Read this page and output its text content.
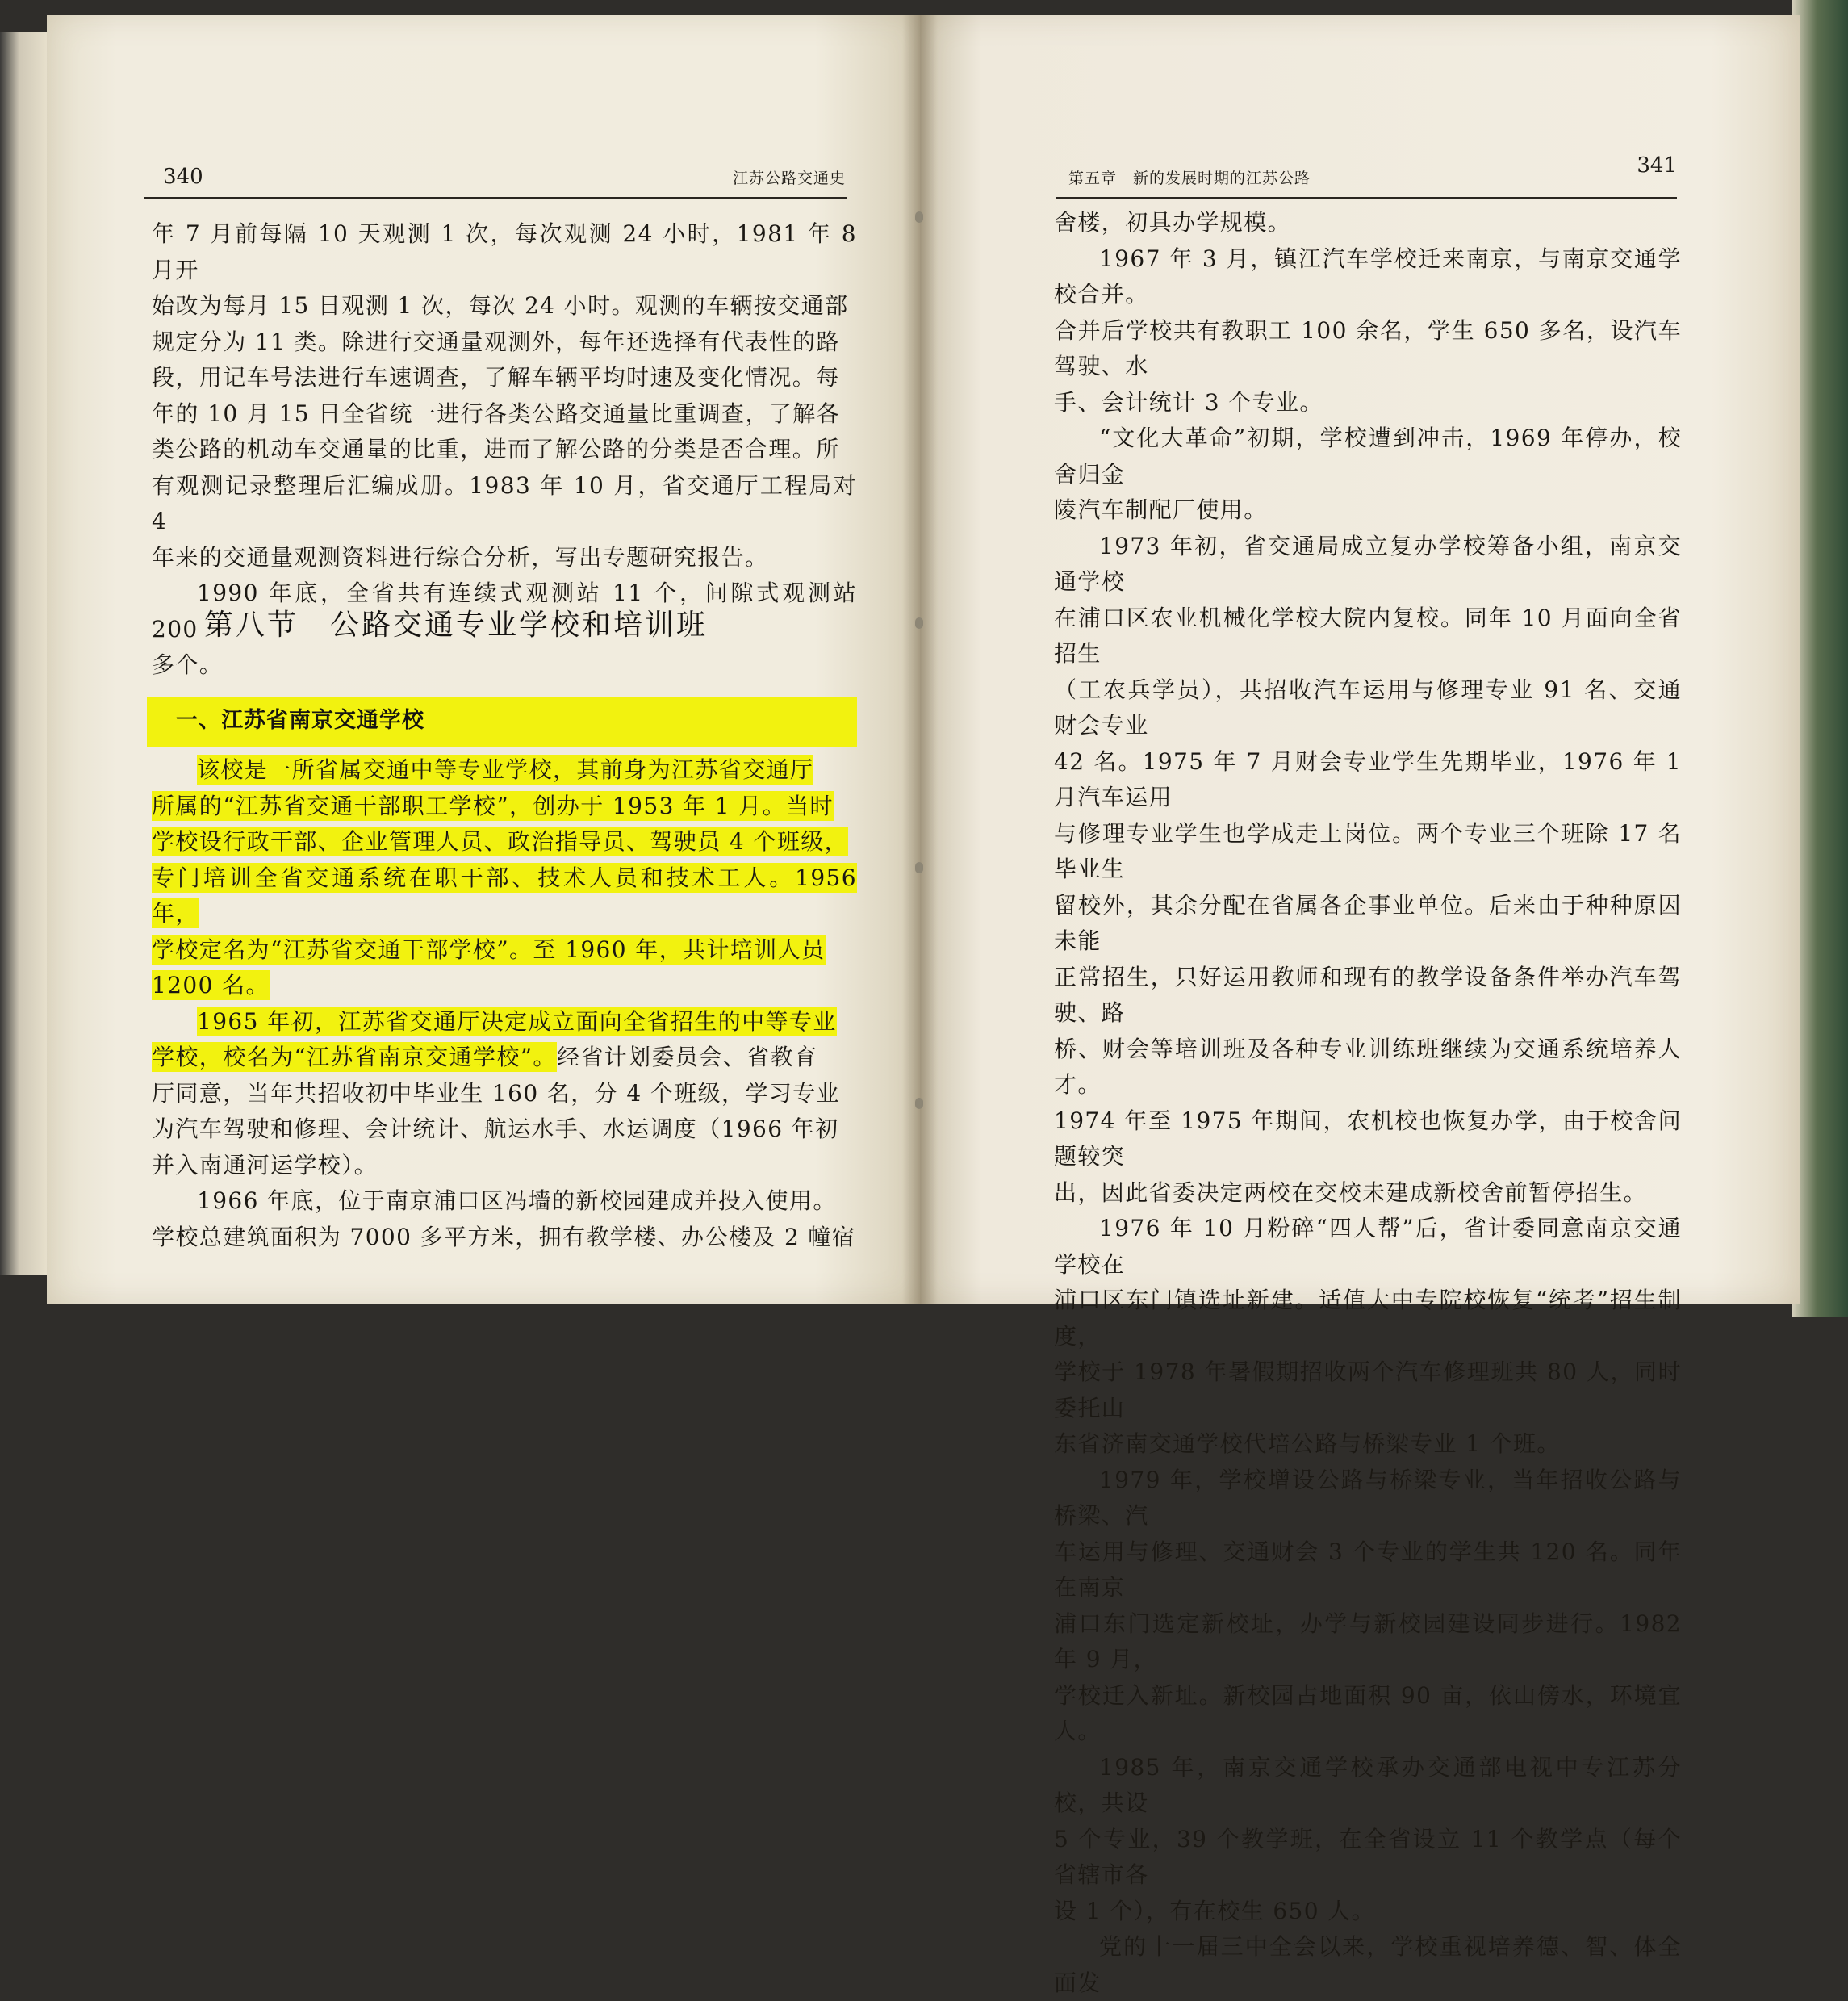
340	江苏公路交通史
年 7 月前每隔 10 天观测 1 次，每次观测 24 小时，1981 年 8 月开
始改为每月 15 日观测 1 次，每次 24 小时。观测的车辆按交通部
规定分为 11 类。除进行交通量观测外，每年还选择有代表性的路
段，用记车号法进行车速调查，了解车辆平均时速及变化情况。每
年的 10 月 15 日全省统一进行各类公路交通量比重调查，了解各
类公路的机动车交通量的比重，进而了解公路的分类是否合理。所
有观测记录整理后汇编成册。1983 年 10 月，省交通厅工程局对 4
年来的交通量观测资料进行综合分析，写出专题研究报告。
1990 年底，全省共有连续式观测站 11 个，间隙式观测站 200
多个。
第八节　公路交通专业学校和培训班
一、江苏省南京交通学校
该校是一所省属交通中等专业学校，其前身为江苏省交通厅
所属的“江苏省交通干部职工学校”，创办于 1953 年 1 月。当时
学校设行政干部、企业管理人员、政治指导员、驾驶员 4 个班级，
专门培训全省交通系统在职干部、技术人员和技术工人。1956 年，
学校定名为“江苏省交通干部学校”。至 1960 年，共计培训人员
1200 名。
1965 年初，江苏省交通厅决定成立面向全省招生的中等专业
学校，校名为“江苏省南京交通学校”。经省计划委员会、省教育
厅同意，当年共招收初中毕业生 160 名，分 4 个班级，学习专业
为汽车驾驶和修理、会计统计、航运水手、水运调度（1966 年初
并入南通河运学校）。
1966 年底，位于南京浦口区冯墙的新校园建成并投入使用。
学校总建筑面积为 7000 多平方米，拥有教学楼、办公楼及 2 幢宿
第五章　新的发展时期的江苏公路
341
舍楼，初具办学规模。
1967 年 3 月，镇江汽车学校迁来南京，与南京交通学校合并。
合并后学校共有教职工 100 余名，学生 650 多名，设汽车驾驶、水
手、会计统计 3 个专业。
“文化大革命”初期，学校遭到冲击，1969 年停办，校舍归金
陵汽车制配厂使用。
1973 年初，省交通局成立复办学校筹备小组，南京交通学校
在浦口区农业机械化学校大院内复校。同年 10 月面向全省招生
（工农兵学员），共招收汽车运用与修理专业 91 名、交通财会专业
42 名。1975 年 7 月财会专业学生先期毕业，1976 年 1 月汽车运用
与修理专业学生也学成走上岗位。两个专业三个班除 17 名毕业生
留校外，其余分配在省属各企事业单位。后来由于种种原因未能
正常招生，只好运用教师和现有的教学设备条件举办汽车驾驶、路
桥、财会等培训班及各种专业训练班继续为交通系统培养人才。
1974 年至 1975 年期间，农机校也恢复办学，由于校舍问题较突
出，因此省委决定两校在交校未建成新校舍前暂停招生。
1976 年 10 月粉碎“四人帮”后，省计委同意南京交通学校在
浦口区东门镇选址新建。适值大中专院校恢复“统考”招生制度，
学校于 1978 年暑假期招收两个汽车修理班共 80 人，同时委托山
东省济南交通学校代培公路与桥梁专业 1 个班。
1979 年，学校增设公路与桥梁专业，当年招收公路与桥梁、汽
车运用与修理、交通财会 3 个专业的学生共 120 名。同年在南京
浦口东门选定新校址，办学与新校园建设同步进行。1982 年 9 月，
学校迁入新址。新校园占地面积 90 亩，依山傍水，环境宜人。
1985 年，南京交通学校承办交通部电视中专江苏分校，共设
5 个专业，39 个教学班，在全省设立 11 个教学点（每个省辖市各
设 1 个），有在校生 650 人。
党的十一届三中全会以来，学校重视培养德、智、体全面发
